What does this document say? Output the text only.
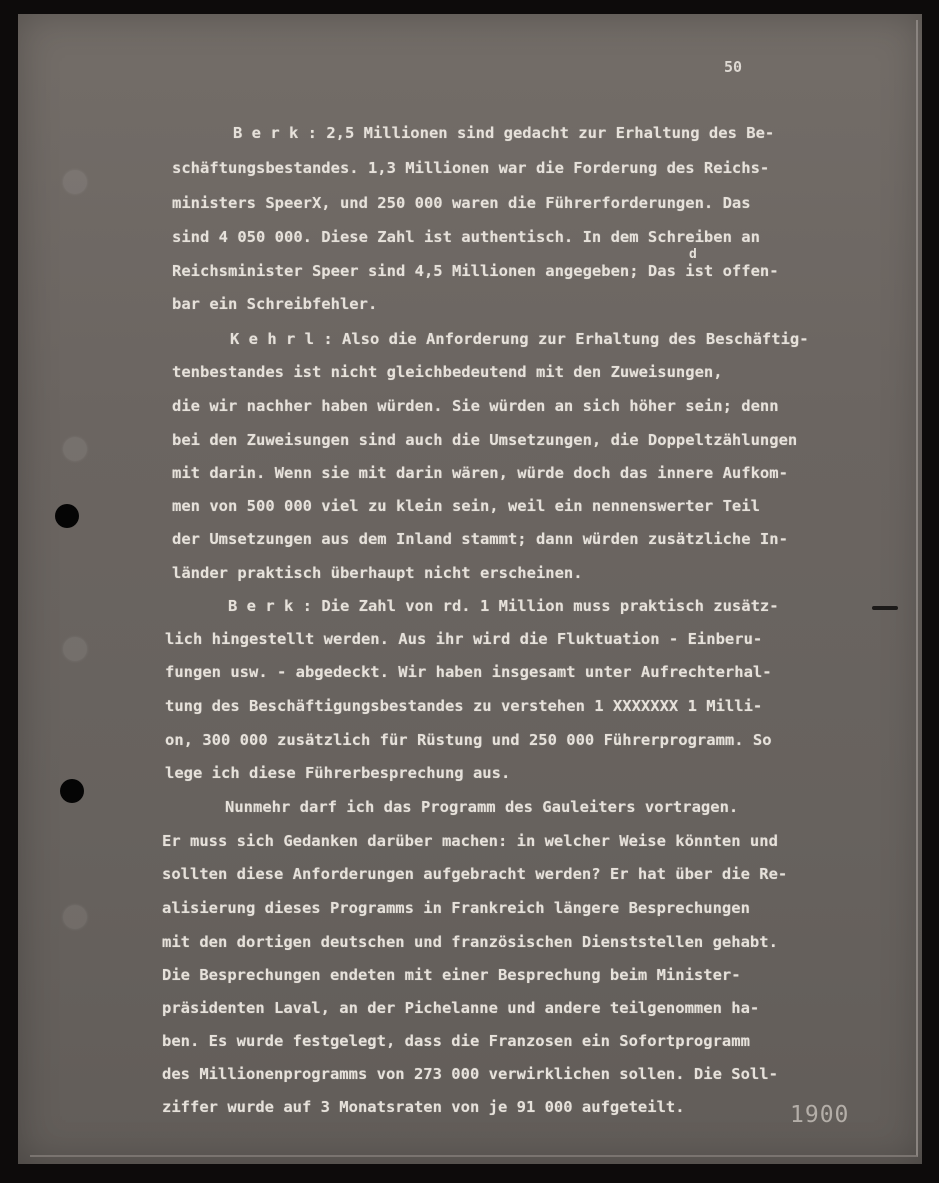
50
d
B e r k : 2,5 Millionen sind gedacht zur Erhaltung des Be-
schäftungsbestandes. 1,3 Millionen war die Forderung des Reichs-
ministers SpeerX, und 250 000 waren die Führerforderungen. Das
sind 4 050 000. Diese Zahl ist authentisch. In dem Schreiben an
Reichsminister Speer sind 4,5 Millionen angegeben; Das ist offen-
bar ein Schreibfehler.
K e h r l : Also die Anforderung zur Erhaltung des Beschäftig-
tenbestandes ist nicht gleichbedeutend mit den Zuweisungen,
die wir nachher haben würden. Sie würden an sich höher sein; denn
bei den Zuweisungen sind auch die Umsetzungen, die Doppeltzählungen
mit darin. Wenn sie mit darin wären, würde doch das innere Aufkom-
men von 500 000 viel zu klein sein, weil ein nennenswerter Teil
der Umsetzungen aus dem Inland stammt; dann würden zusätzliche In-
länder praktisch überhaupt nicht erscheinen.
B e r k : Die Zahl von rd. 1 Million muss praktisch zusätz-
lich hingestellt werden. Aus ihr wird die Fluktuation - Einberu-
fungen usw. - abgedeckt. Wir haben insgesamt unter Aufrechterhal-
tung des Beschäftigungsbestandes zu verstehen 1 XXXXXXX 1 Milli-
on, 300 000 zusätzlich für Rüstung und 250 000 Führerprogramm. So
lege ich diese Führerbesprechung aus.
Nunmehr darf ich das Programm des Gauleiters vortragen.
Er muss sich Gedanken darüber machen: in welcher Weise könnten und
sollten diese Anforderungen aufgebracht werden? Er hat über die Re-
alisierung dieses Programms in Frankreich längere Besprechungen
mit den dortigen deutschen und französischen Dienststellen gehabt.
Die Besprechungen endeten mit einer Besprechung beim Minister-
präsidenten Laval, an der Pichelanne und andere teilgenommen ha-
ben. Es wurde festgelegt, dass die Franzosen ein Sofortprogramm
des Millionenprogramms von 273 000 verwirklichen sollen. Die Soll-
ziffer wurde auf 3 Monatsraten von je 91 000 aufgeteilt.	1900
